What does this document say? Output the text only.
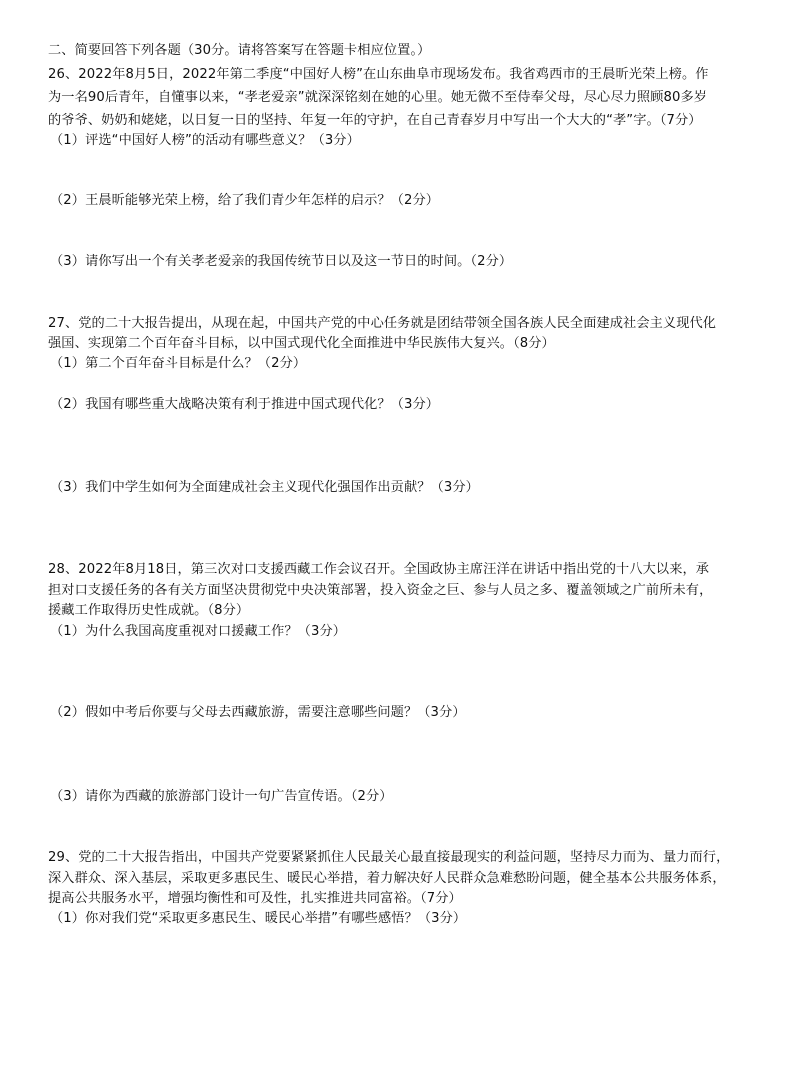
二、简要回答下列各题（30分。请将答案写在答题卡相应位置。）
26、2022年8月5日，2022年第二季度“中国好人榜”在山东曲阜市现场发布。我省鸡西市的王晨昕光荣上榜。作
为一名90后青年，自懂事以来，“孝老爱亲”就深深铭刻在她的心里。她无微不至侍奉父母，尽心尽力照顾80多岁
的爷爷、奶奶和姥姥，以日复一日的坚持、年复一年的守护，在自己青春岁月中写出一个大大的“孝”字。（7分）
（1）评选“中国好人榜”的活动有哪些意义？（3分）
（2）王晨昕能够光荣上榜，给了我们青少年怎样的启示？（2分）
（3）请你写出一个有关孝老爱亲的我国传统节日以及这一节日的时间。（2分）
27、党的二十大报告提出，从现在起，中国共产党的中心任务就是团结带领全国各族人民全面建成社会主义现代化
强国、实现第二个百年奋斗目标，以中国式现代化全面推进中华民族伟大复兴。（8分）
（1）第二个百年奋斗目标是什么？（2分）
（2）我国有哪些重大战略决策有利于推进中国式现代化？（3分）
（3）我们中学生如何为全面建成社会主义现代化强国作出贡献？（3分）
28、2022年8月18日，第三次对口支援西藏工作会议召开。全国政协主席汪洋在讲话中指出党的十八大以来，承
担对口支援任务的各有关方面坚决贯彻党中央决策部署，投入资金之巨、参与人员之多、覆盖领域之广前所未有，
援藏工作取得历史性成就。（8分）
（1）为什么我国高度重视对口援藏工作？（3分）
（2）假如中考后你要与父母去西藏旅游，需要注意哪些问题？（3分）
（3）请你为西藏的旅游部门设计一句广告宣传语。（2分）
29、党的二十大报告指出，中国共产党要紧紧抓住人民最关心最直接最现实的利益问题，坚持尽力而为、量力而行，
深入群众、深入基层，采取更多惠民生、暖民心举措，着力解决好人民群众急难愁盼问题，健全基本公共服务体系，
提高公共服务水平，增强均衡性和可及性，扎实推进共同富裕。（7分）
（1）你对我们党“采取更多惠民生、暖民心举措”有哪些感悟？（3分）
